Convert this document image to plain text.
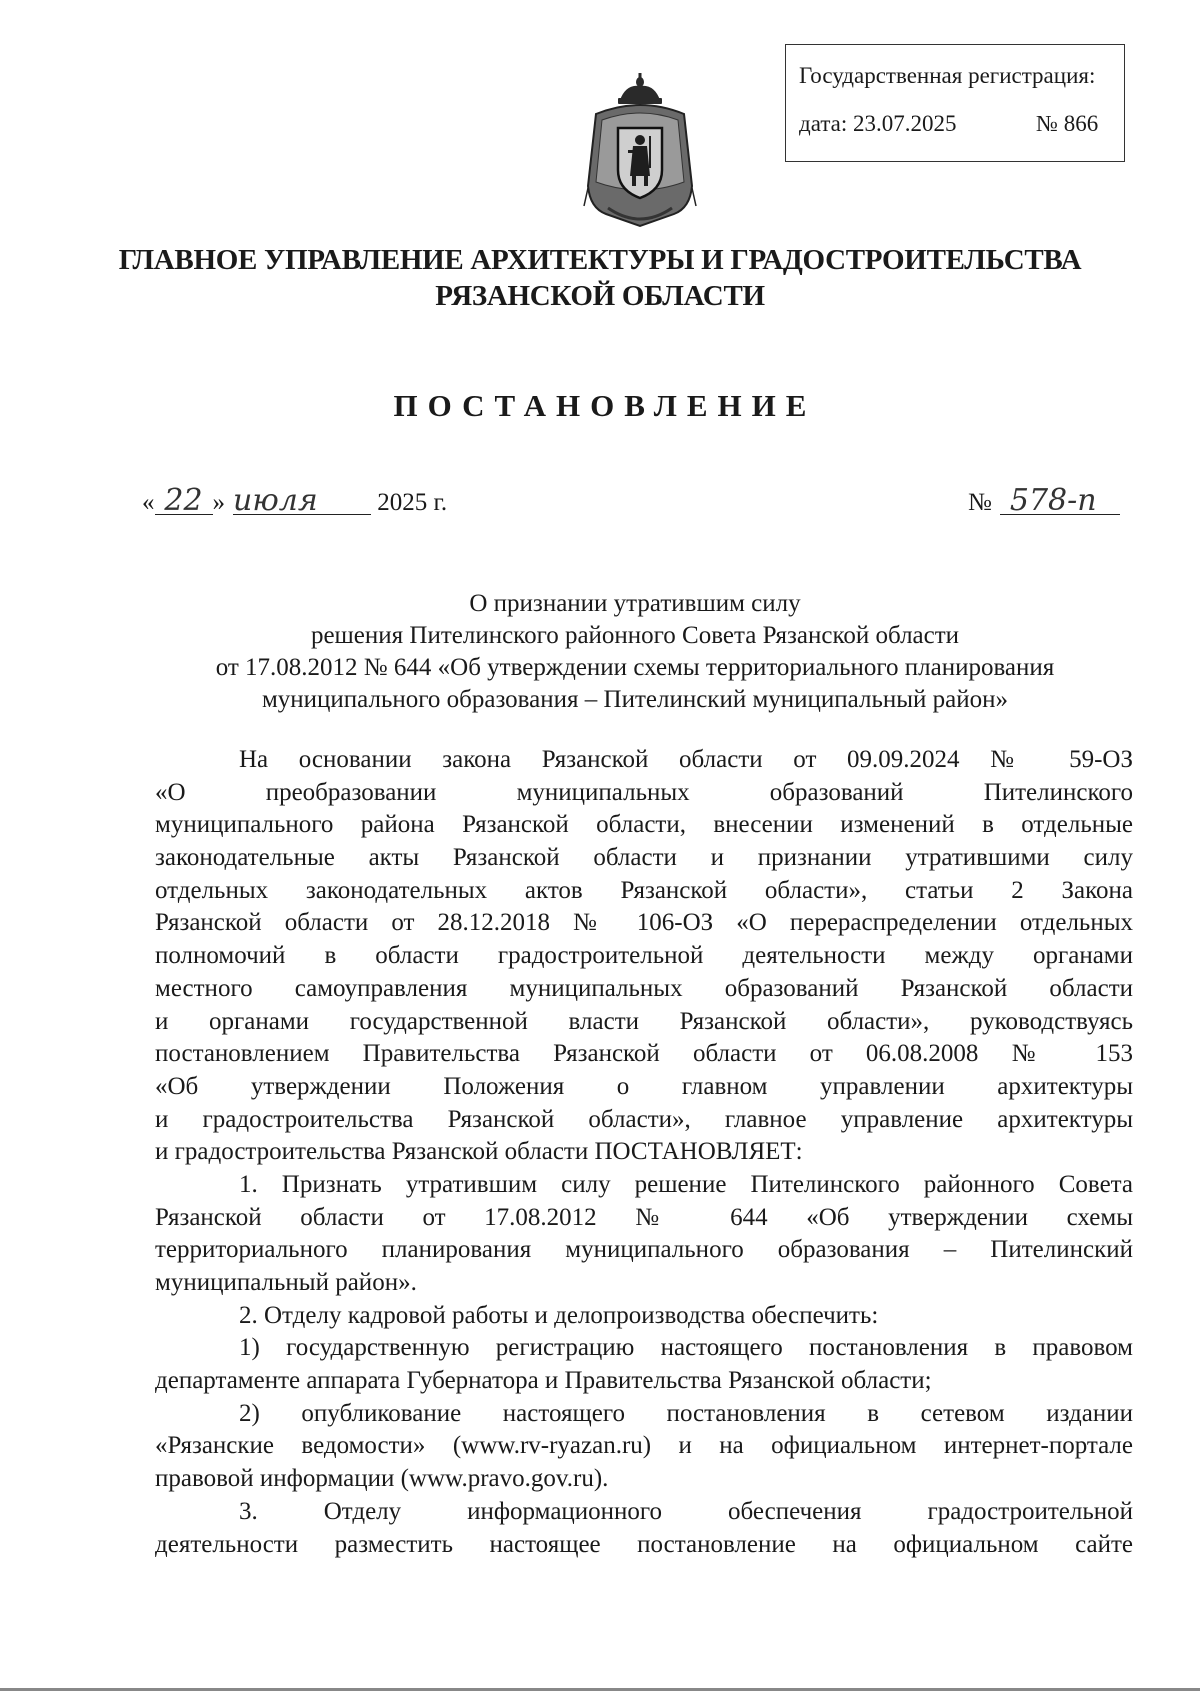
Государственная регистрация:
дата: 23.07.2025	№ 866
ГЛАВНОЕ УПРАВЛЕНИЕ АРХИТЕКТУРЫ И ГРАДОСТРОИТЕЛЬСТВА
РЯЗАНСКОЙ ОБЛАСТИ
ПОСТАНОВЛЕНИЕ
« 22 » июля 2025 г.	№ 578-п
О признании утратившим силу
решения Пителинского районного Совета Рязанской области
от 17.08.2012 № 644 «Об утверждении схемы территориального планирования
муниципального образования – Пителинский муниципальный район»
На основании закона Рязанской области от 09.09.2024 № 59-ОЗ
«О преобразовании муниципальных образований Пителинского
муниципального района Рязанской области, внесении изменений в отдельные
законодательные акты Рязанской области и признании утратившими силу
отдельных законодательных актов Рязанской области», статьи 2 Закона
Рязанской области от 28.12.2018 № 106-ОЗ «О перераспределении отдельных
полномочий в области градостроительной деятельности между органами
местного самоуправления муниципальных образований Рязанской области
и органами государственной власти Рязанской области», руководствуясь
постановлением Правительства Рязанской области от 06.08.2008 № 153
«Об утверждении Положения о главном управлении архитектуры
и градостроительства Рязанской области», главное управление архитектуры
и градостроительства Рязанской области ПОСТАНОВЛЯЕТ:
1. Признать утратившим силу решение Пителинского районного Совета
Рязанской области от 17.08.2012 № 644 «Об утверждении схемы
территориального планирования муниципального образования – Пителинский
муниципальный район».
2. Отделу кадровой работы и делопроизводства обеспечить:
1) государственную регистрацию настоящего постановления в правовом
департаменте аппарата Губернатора и Правительства Рязанской области;
2) опубликование настоящего постановления в сетевом издании
«Рязанские ведомости» (www.rv-ryazan.ru) и на официальном интернет-портале
правовой информации (www.pravo.gov.ru).
3. Отделу информационного обеспечения градостроительной
деятельности разместить настоящее постановление на официальном сайте
